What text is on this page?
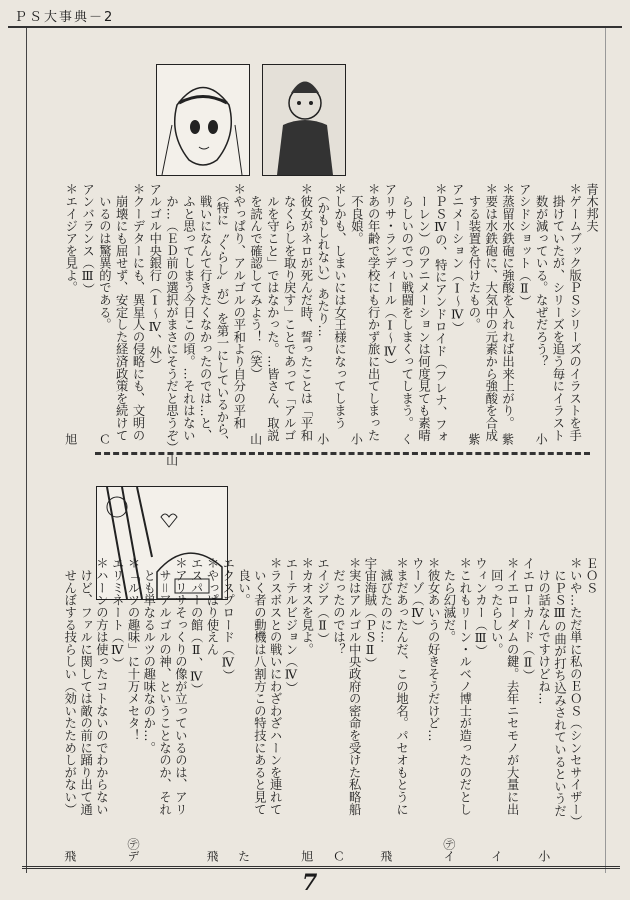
ＰＳ大事典－2
青木邦夫
＊ゲームブック版ＰＳシリーズのイラストを手
　掛けていたが、シリーズを追う毎にイラスト
　数が減っている。なぜだろう？
小
アシドショット（Ⅱ）
＊蒸留水鉄砲に強酸を入れれば出来上がり。
紫
＊要は水鉄砲に、大気中の元素から強酸を合成
　する装置を付けたもの。
紫
アニメーション（Ⅰ～Ⅳ）
＊ＰＳⅣの、特にアンドロイド（フレナ、フォ
　ーレン）のアニメーションは何度見ても素晴
　らしいのでつい戦闘をしまくってしまう。
く
アリサ・ランディール（Ⅰ～Ⅳ）
＊あの年齢で学校にも行かず旅に出てしまった
　不良娘。
小
＊しかも、しまいには女王様になってしまう
　（かもしれない）あたり…
小
＊彼女がネロが死んだ時、誓ったことは「平和
　なくらしを取り戻す」ことであって「アルゴ
　ルを守こと」ではなかった。…皆さん、取説
　を読んで確認してみよう！（笑）
山
＊やっぱり、アルゴルの平和より自分の平和
　（特に〝くらし〟が）を第一にしているから、
　戦いになんて行きたくなかったのでは…と、
　ふと思ってしまう今日この頃。…それはない
　か…（ＥＤ前の選択がまさにそうだと思うぞ）
山
アルゴル中央銀行（Ⅰ～Ⅳ、外）
＊クーデターにも、異星人の侵略にも、文明の
　崩壊にも屈せず、安定した経済政策を続けて
　いるのは驚異的である。
Ｃ
アンバランス（Ⅲ）
＊エイジアを見よ。
旭
ＥＯＳ
＊いや…ただ単に私のＥＯＳ（シンセサイザー）
　にＰＳⅢの曲が打ち込みされているというだ
　けの話なんですけどね…
小
イエローカード（Ⅱ）
＊イエローダムの鍵。去年ニセモノが大量に出
　回ったらしい。
イ
ウィンカー（Ⅲ）
＊これもリーン・ルベノ博士が造ったのだとし
　たら幻滅だ。
㋢イ
＊彼女あいうの好きそうだけど…
ウーゾ（Ⅳ）
＊まだあったんだ、この地名。パセオもとうに
　滅びたのに…
飛
宇宙海賊（ＰＳⅡ）
＊実はアルゴル中央政府の密命を受けた私略船
　だったのでは？
Ｃ
エイジア（Ⅱ）
＊カオスを見よ。
旭
エーテルビジョン（Ⅳ）
＊ラスボスとの戦いにわざわざハーンを連れて
　いく者の動機は八割方この特技にあると見て
　良い。
た
エクスプロード（Ⅳ）
＊やっぱり使えん
飛
エスパーの館（Ⅱ、Ⅳ）
＊アリサそっくりの像が立っているのは、アリ
　サ＝アルゴルの神、ということなのか、それ
　とも単なるルツの趣味なのか…。
＊「ルツの趣味」に十万メセタ！
㋢デ
エリミネート（Ⅳ）
＊ハーンの方は使ったコトないのでわからない
　けど、ファルに関しては敵の前に踊り出て通
　せんぼする技らしい（効いたためしがない）
飛
7
